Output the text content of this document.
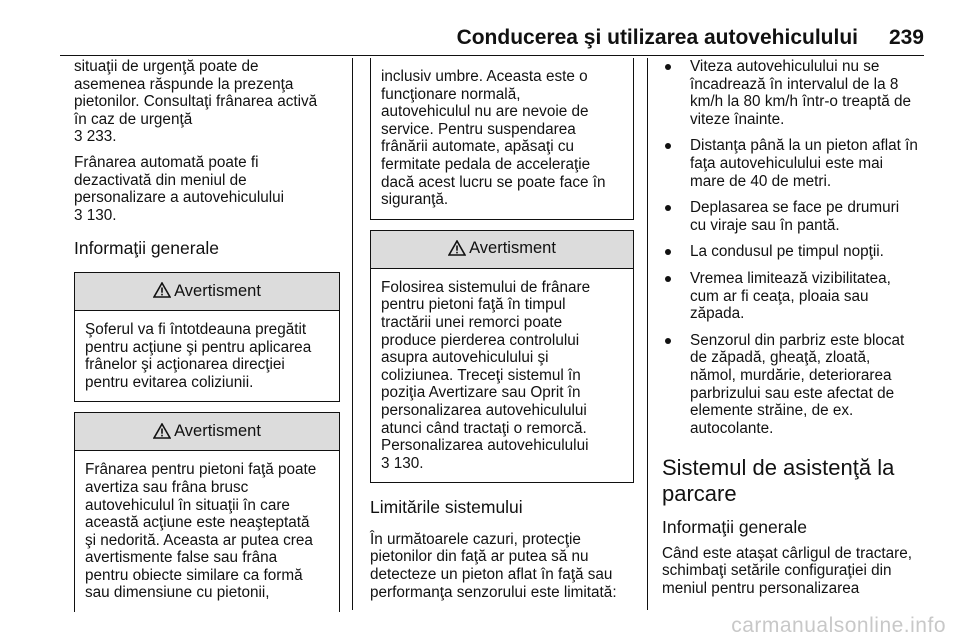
Conducerea şi utilizarea autovehiculului 239

situaţii de urgenţă poate de
asemenea răspunde la prezenţa
pietonilor. Consultaţi frânarea activă
în caz de urgenţă
3 233.

Frânarea automată poate fi
dezactivată din meniul de
personalizare a autovehiculului
3 130.

Informaţii generale
Avertisment
Şoferul va fi întotdeauna pregătit
pentru acţiune şi pentru aplicarea
frânelor şi acţionarea direcţiei
pentru evitarea coliziunii.
Avertisment
Frânarea pentru pietoni faţă poate
avertiza sau frâna brusc
autovehiculul în situaţii în care
această acţiune este neaşteptată
şi nedorită. Aceasta ar putea crea
avertismente false sau frâna
pentru obiecte similare ca formă
sau dimensiune cu pietonii,
inclusiv umbre. Aceasta este o
funcţionare normală,
autovehiculul nu are nevoie de
service. Pentru suspendarea
frânării automate, apăsaţi cu
fermitate pedala de acceleraţie
dacă acest lucru se poate face în
siguranţă.
Avertisment
Folosirea sistemului de frânare
pentru pietoni faţă în timpul
tractării unei remorci poate
produce pierderea controlului
asupra autovehiculului şi
coliziunea. Treceţi sistemul în
poziţia Avertizare sau Oprit în
personalizarea autovehiculului
atunci când tractaţi o remorcă.
Personalizarea autovehiculului
3 130.
Limitările sistemului

În următoarele cazuri, protecţie
pietonilor din faţă ar putea să nu
detecteze un pieton aflat în faţă sau
performanţa senzorului este limitată:

Viteza autovehiculului nu se
încadrează în intervalul de la 8
km/h la 80 km/h într-o treaptă de
viteze înainte.
Distanţa până la un pieton aflat în
faţa autovehiculului este mai
mare de 40 de metri.
Deplasarea se face pe drumuri
cu viraje sau în pantă.
La condusul pe timpul nopţii.
Vremea limitează vizibilitatea,
cum ar fi ceaţa, ploaia sau
zăpada.
Senzorul din parbriz este blocat
de zăpadă, gheaţă, zloată,
nămol, murdărie, deteriorarea
parbrizului sau este afectat de
elemente străine, de ex.
autocolante.
Sistemul de asistenţă la
parcare
Informaţii generale

Când este ataşat cârligul de tractare,
schimbaţi setările configuraţiei din
meniul pentru personalizarea

carmanualsonline.info
